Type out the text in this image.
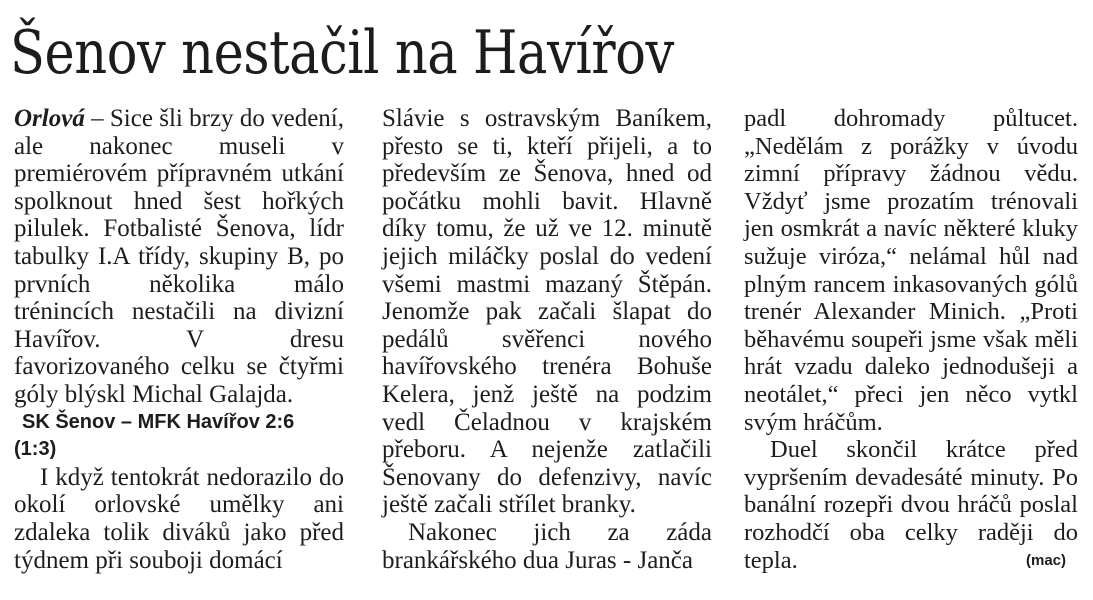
Šenov nestačil na Havířov

Orlová – Sice šli brzy do vedení, ale nakonec museli v premiérovém přípravném utkání spolknout hned šest hořkých pilulek. Fotbalisté Šenova, lídr tabulky I.A třídy, skupiny B, po prvních několika málo trénincích nestačili na divizní Havířov. V dresu favorizovaného celku se čtyřmi góly blýskl Michal Galajda.

SK Šenov – MFK Havířov 2:6

(1:3)

I když tentokrát nedorazilo do okolí orlovské umělky ani zdaleka tolik diváků jako před týdnem při souboji domácí

Slávie s ostravským Baníkem, přesto se ti, kteří přijeli, a to především ze Šenova, hned od počátku mohli bavit. Hlavně díky tomu, že už ve 12. minutě jejich miláčky poslal do vedení všemi mastmi mazaný Štěpán. Jenomže pak začali šlapat do pedálů svěřenci nového havířovského trenéra Bohuše Kelera, jenž ještě na podzim vedl Čeladnou v krajském přeboru. A nejenže zatlačili Šenovany do defenzivy, navíc ještě začali střílet branky.

Nakonec jich za záda brankářského dua Juras - Janča

padl dohromady půltucet. „Nedělám z porážky v úvodu zimní přípravy žádnou vědu. Vždyť jsme prozatím trénovali jen osmkrát a navíc některé kluky sužuje viróza,“ nelámal hůl nad plným rancem inkasovaných gólů trenér Alexander Minich. „Proti běhavému soupeři jsme však měli hrát vzadu daleko jednodušeji a neotálet,“ přeci jen něco vytkl svým hráčům.

Duel skončil krátce před vypršením devadesáté minuty. Po banální rozepři dvou hráčů poslal rozhodčí oba celky raději do tepla.	(mac)
